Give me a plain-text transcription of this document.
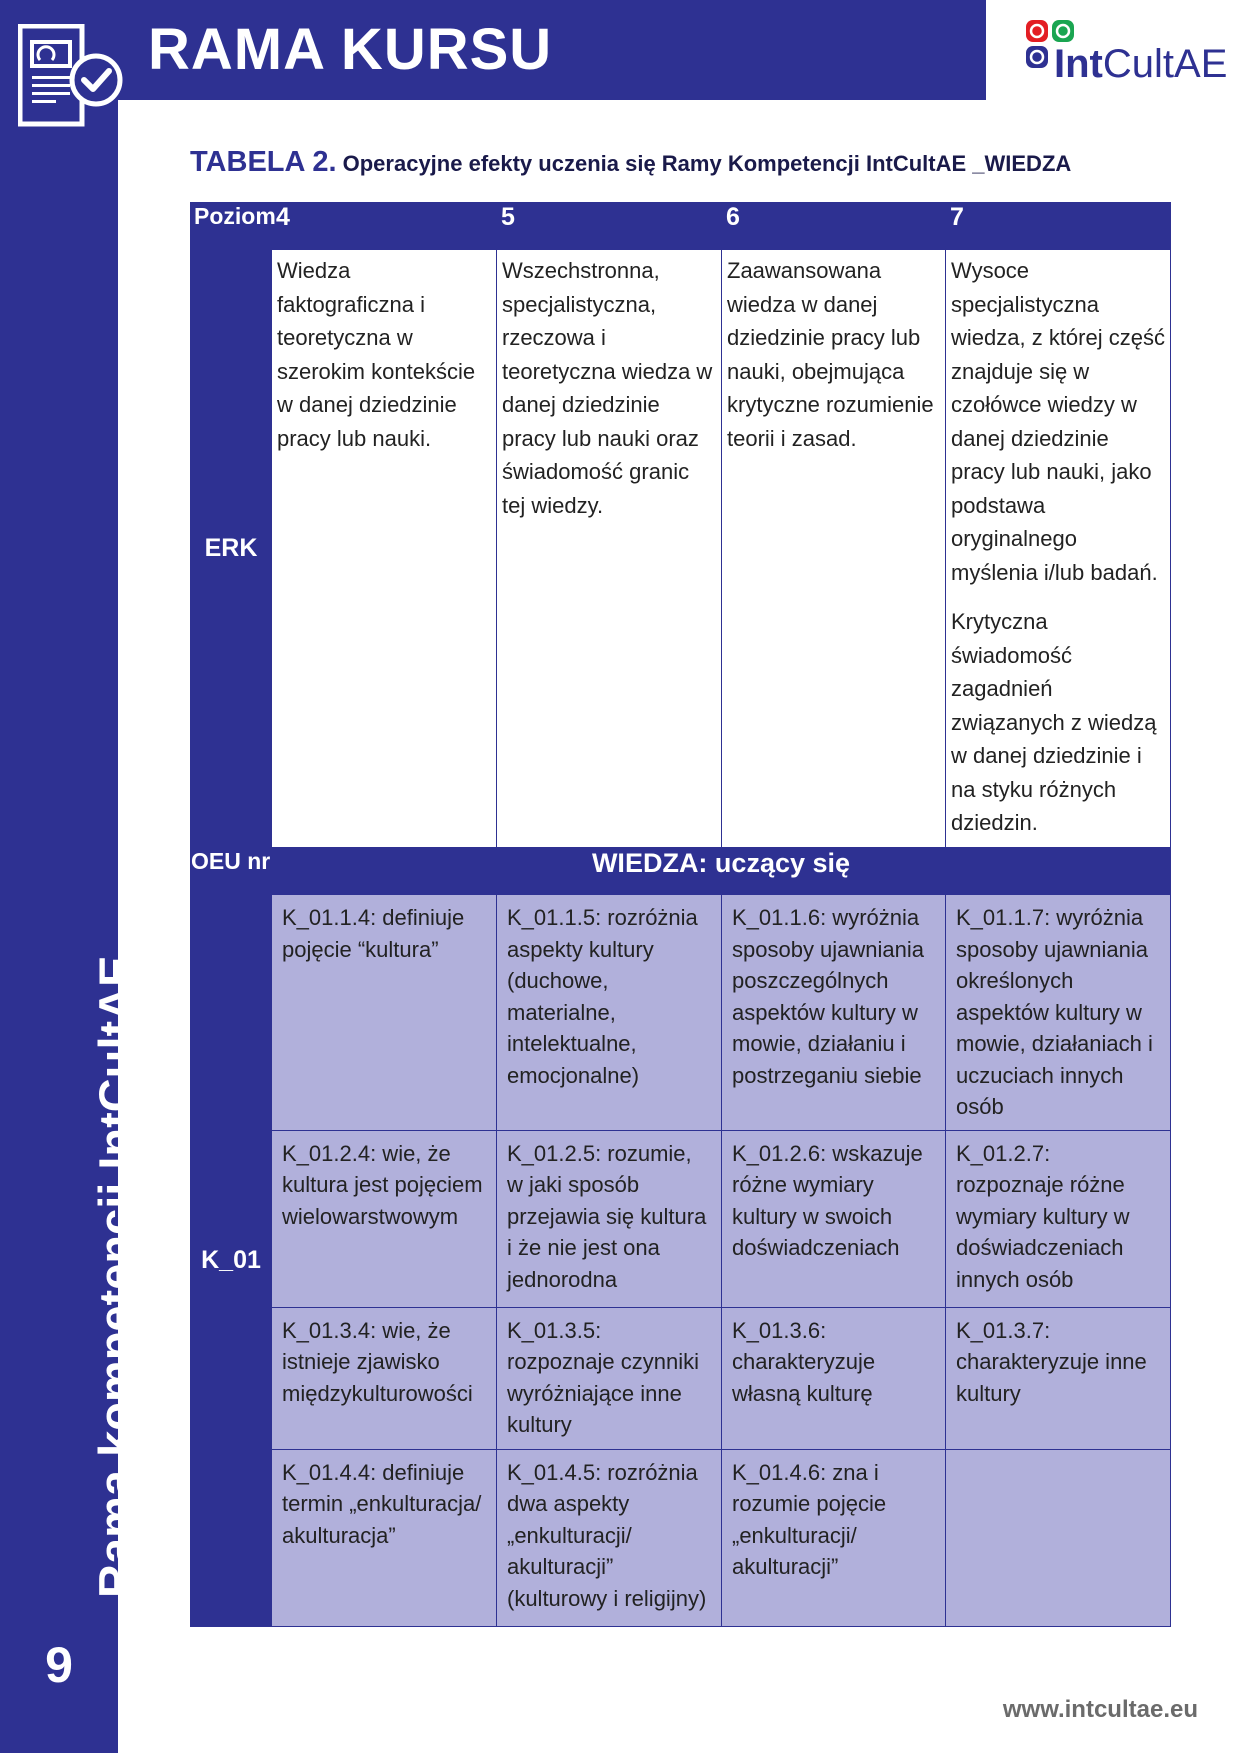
RAMA KURSU
Rama kompetencji IntCultAE
9
IntCultAE
TABELA 2. Operacyjne efekty uczenia się Ramy Kompetencji IntCultAE _WIEDZA
Poziom	4	5	6	7
ERK	Wiedza faktograficzna i teoretyczna w szerokim kontekście w danej dziedzinie pracy lub nauki.	Wszechstronna, specjalistyczna, rzeczowa i teoretyczna wiedza w danej dziedzinie pracy lub nauki oraz świadomość granic tej wiedzy.	Zaawansowana wiedza w danej dziedzinie pracy lub nauki, obejmująca krytyczne rozumienie teorii i zasad.	Wysoce specjalistyczna wiedza, z której część znajduje się w czołówce wiedzy w danej dziedzinie pracy lub nauki, jako podstawa oryginalnego myślenia i/lub badań.

Krytyczna świadomość zagadnień związanych z wiedzą w danej dziedzinie i na styku różnych dziedzin.

OEU nr	WIEDZA: uczący się			
K_01	K_01.1.4: definiuje pojęcie “kultura”	K_01.1.5: rozróżnia aspekty kultury (duchowe, materialne, intelektualne, emocjonalne)	K_01.1.6: wyróżnia sposoby ujawniania poszczególnych aspektów kultury w mowie, działaniu i postrzeganiu siebie	K_01.1.7: wyróżnia sposoby ujawniania określonych aspektów kultury w mowie, działaniach i uczuciach innych osób
	K_01.2.4: wie, że kultura jest pojęciem wielowarstwowym	K_01.2.5: rozumie, w jaki sposób przejawia się kultura i że nie jest ona jednorodna	K_01.2.6: wskazuje różne wymiary kultury w swoich doświadczeniach	K_01.2.7: rozpoznaje różne wymiary kultury w doświadczeniach innych osób
	K_01.3.4: wie, że istnieje zjawisko międzykulturowości	K_01.3.5: rozpoznaje czynniki wyróżniające inne kultury	K_01.3.6: charakteryzuje własną kulturę	K_01.3.7: charakteryzuje inne kultury
	K_01.4.4: definiuje termin „enkulturacja/ akulturacja”	K_01.4.5: rozróżnia dwa aspekty „enkulturacji/ akulturacji” (kulturowy i religijny)	K_01.4.6: zna i rozumie pojęcie „enkulturacji/ akulturacji”	
www.intcultae.eu
